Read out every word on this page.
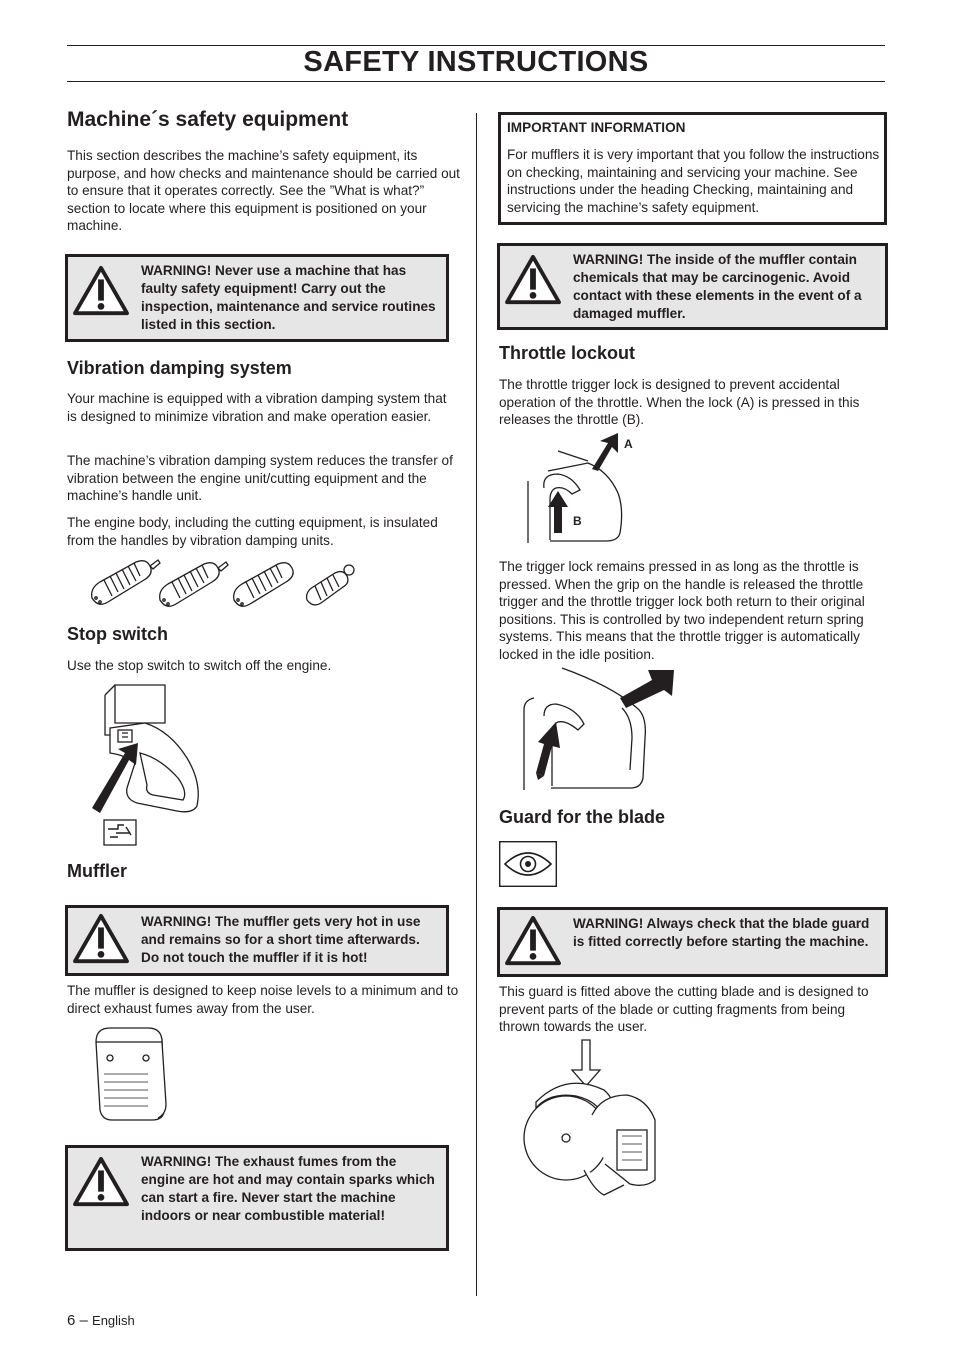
SAFETY INSTRUCTIONS
Machine´s safety equipment

This section describes the machine’s safety equipment, its purpose, and how checks and maintenance should be carried out to ensure that it operates correctly. See the ”What is what?” section to locate where this equipment is positioned on your machine.

WARNING! Never use a machine that has faulty safety equipment! Carry out the inspection, maintenance and service routines listed in this section.

Vibration damping system

Your machine is equipped with a vibration damping system that is designed to minimize vibration and make operation easier.

The machine’s vibration damping system reduces the transfer of vibration between the engine unit/cutting equipment and the machine’s handle unit.

The engine body, including the cutting equipment, is insulated from the handles by vibration damping units.

Stop switch

Use the stop switch to switch off the engine.

Muffler

WARNING! The muffler gets very hot in use and remains so for a short time afterwards. Do not touch the muffler if it is hot!

The muffler is designed to keep noise levels to a minimum and to direct exhaust fumes away from the user.

WARNING! The exhaust fumes from the engine are hot and may contain sparks which can start a fire. Never start the machine indoors or near combustible material!

IMPORTANT INFORMATION

For mufflers it is very important that you follow the instructions on checking, maintaining and servicing your machine. See instructions under the heading Checking, maintaining and servicing the machine’s safety equipment.

WARNING! The inside of the muffler contain chemicals that may be carcinogenic. Avoid contact with these elements in the event of a damaged muffler.

Throttle lockout

The throttle trigger lock is designed to prevent accidental operation of the throttle. When the lock (A) is pressed in this releases the throttle (B).

A
B

The trigger lock remains pressed in as long as the throttle is pressed. When the grip on the handle is released the throttle trigger and the throttle trigger lock both return to their original positions. This is controlled by two independent return spring systems. This means that the throttle trigger is automatically locked in the idle position.

Guard for the blade

WARNING! Always check that the blade guard is fitted correctly before starting the machine.

This guard is fitted above the cutting blade and is designed to prevent parts of the blade or cutting fragments from being thrown towards the user.

6 – English
